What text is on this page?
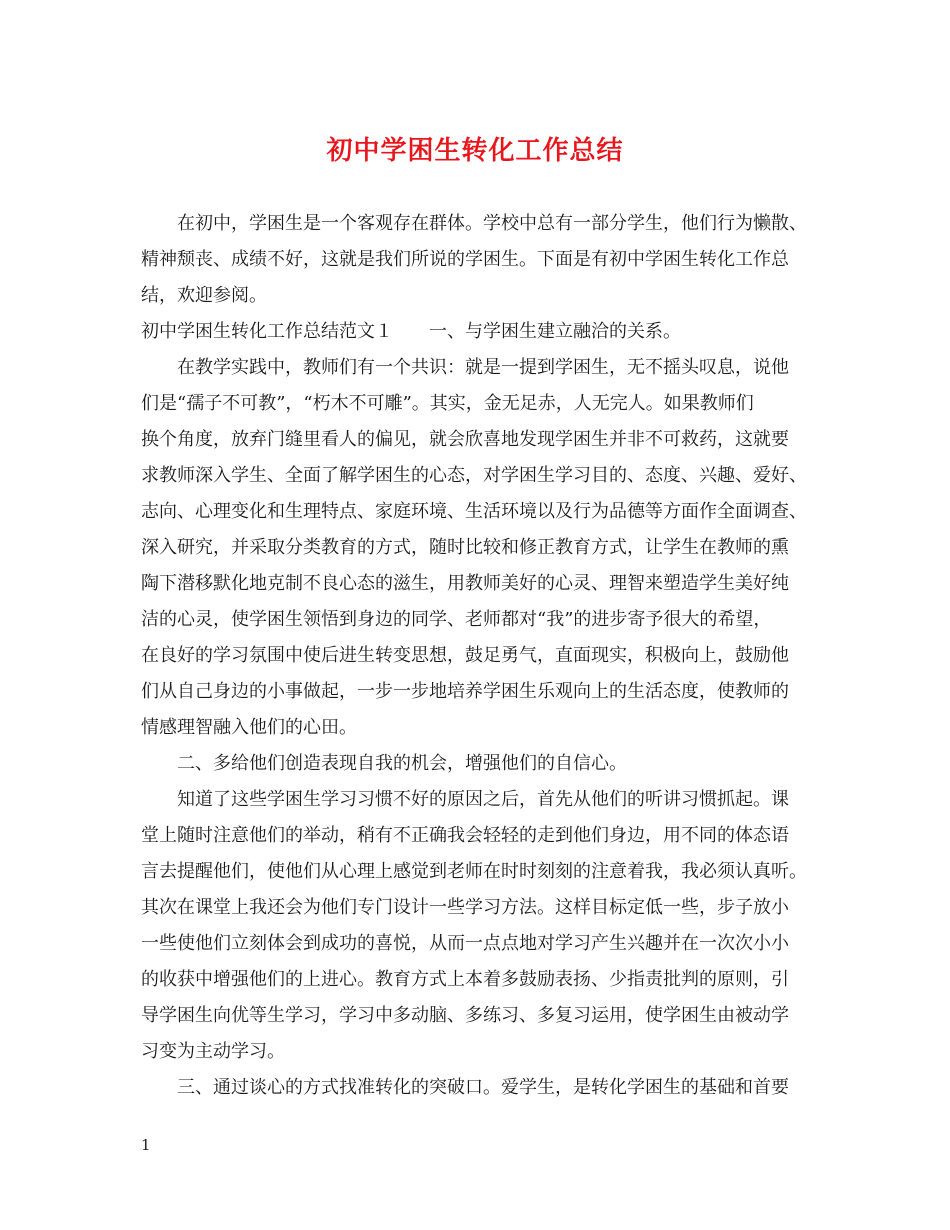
初中学困生转化工作总结
　　在初中，学困生是一个客观存在群体。学校中总有一部分学生，他们行为懒散、
精神颓丧、成绩不好，这就是我们所说的学困生。下面是有初中学困生转化工作总
结，欢迎参阅。
初中学困生转化工作总结范文１　　一、与学困生建立融洽的关系。
　　在教学实践中，教师们有一个共识：就是一提到学困生，无不摇头叹息，说他
们是“孺子不可教”，“朽木不可雕”。其实，金无足赤，人无完人。如果教师们
换个角度，放弃门缝里看人的偏见，就会欣喜地发现学困生并非不可救药，这就要
求教师深入学生、全面了解学困生的心态，对学困生学习目的、态度、兴趣、爱好、
志向、心理变化和生理特点、家庭环境、生活环境以及行为品德等方面作全面调查、
深入研究，并采取分类教育的方式，随时比较和修正教育方式，让学生在教师的熏
陶下潜移默化地克制不良心态的滋生，用教师美好的心灵、理智来塑造学生美好纯
洁的心灵，使学困生领悟到身边的同学、老师都对“我”的进步寄予很大的希望，
在良好的学习氛围中使后进生转变思想，鼓足勇气，直面现实，积极向上，鼓励他
们从自己身边的小事做起，一步一步地培养学困生乐观向上的生活态度，使教师的
情感理智融入他们的心田。
　　二、多给他们创造表现自我的机会，增强他们的自信心。
　　知道了这些学困生学习习惯不好的原因之后，首先从他们的听讲习惯抓起。课
堂上随时注意他们的举动，稍有不正确我会轻轻的走到他们身边，用不同的体态语
言去提醒他们，使他们从心理上感觉到老师在时时刻刻的注意着我，我必须认真听。
其次在课堂上我还会为他们专门设计一些学习方法。这样目标定低一些，步子放小
一些使他们立刻体会到成功的喜悦，从而一点点地对学习产生兴趣并在一次次小小
的收获中增强他们的上进心。教育方式上本着多鼓励表扬、少指责批判的原则，引
导学困生向优等生学习，学习中多动脑、多练习、多复习运用，使学困生由被动学
习变为主动学习。
　　三、通过谈心的方式找准转化的突破口。爱学生，是转化学困生的基础和首要
1
